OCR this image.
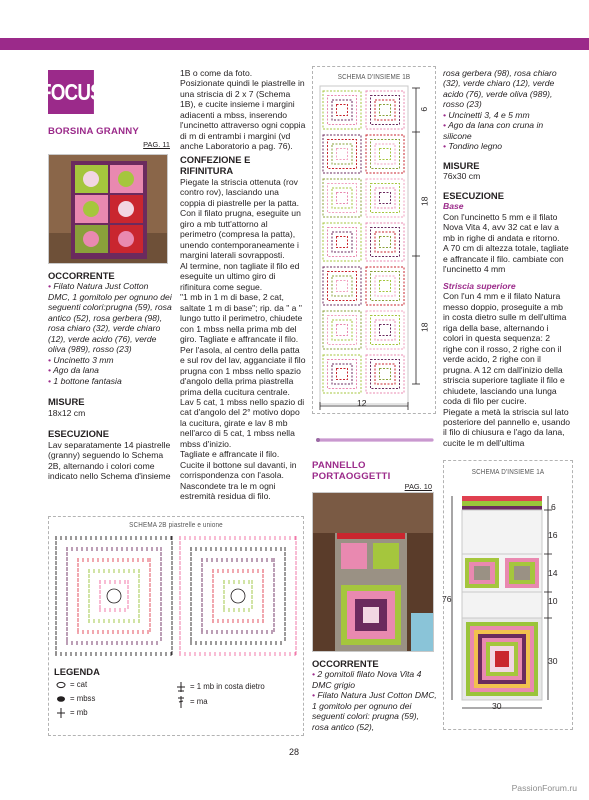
FOCUS
BORSINA GRANNY
PAG. 11
OCCORRENTE

• Filato Natura Just Cotton DMC, 1 gomitolo per ognuno dei seguenti colori:prugna (59), rosa antico (52), rosa gerbera (98), rosa chiaro (32), verde chiaro (12), verde acido (76), verde oliva (989), rosso (23)

• Uncinetto 3 mm

• Ago da lana

• 1 bottone fantasia

MISURE

18x12 cm

ESECUZIONE

Lav separatamente 14 piastrelle (granny) seguendo lo Schema 2B, alternando i colori come indicato nello Schema d'insieme

1B o come da foto.
Posizionate quindi le piastrelle in una striscia di 2 x 7 (Schema 1B), e cucite insieme i margini adiacenti a mbss, inserendo l'uncinetto attraverso ogni coppia di m di entrambi i margini (vd anche Laboratorio a pag. 76).

CONFEZIONE E RIFINITURA

Piegate la striscia ottenuta (rov contro rov), lasciando una coppia di piastrelle per la patta. Con il filato prugna, eseguite un giro a mb tutt'attorno al perimetro (compresa la patta), unendo contemporaneamente i margini laterali sovrapposti.

Al termine, non tagliate il filo ed eseguite un ultimo giro di rifinitura come segue.

"1 mb in 1 m di base, 2 cat, saltate 1 m di base"; rip. da " a " lungo tutto il perimetro, chiudete con 1 mbss nella prima mb del giro. Tagliate e affrancate il filo.

Per l'asola, al centro della patta e sul rov del lav, agganciate il filo prugna con 1 mbss nello spazio d'angolo della prima piastrella prima della cucitura centrale.

Lav 5 cat, 1 mbss nello spazio di cat d'angolo del 2° motivo dopo la cucitura, girate e lav 8 mb nell'arco di 5 cat, 1 mbss nella mbss d'inizio.

Tagliate e affrancate il filo.

Cucite il bottone sul davanti, in corrispondenza con l'asola.

Nascondete tra le m ogni estremità residua di filo.

SCHEMA D'INSIEME 1B
6
18
18
12

rosa gerbera (98), rosa chiaro (32), verde chiaro (12), verde acido (76), verde oliva (989), rosso (23)

• Uncinetti 3, 4 e 5 mm

• Ago da lana con cruna in silicone

• Tondino legno

MISURE

76x30 cm

ESECUZIONE
Base

Con l'uncinetto 5 mm e il filato Nova Vita 4, avv 32 cat e lav a mb in righe di andata e ritorno.
A 70 cm di altezza totale, tagliate e affrancate il filo. cambiate con l'uncinetto 4 mm

Striscia superiore

Con l'un 4 mm e il filato Natura messo doppio, proseguite a mb in costa dietro sulle m dell'ultima riga della base, alternando i colori in questa sequenza: 2 righe con il rosso, 2 righe con il verde acido, 2 righe con il prugna. A 12 cm dall'inizio della striscia superiore tagliate il filo e chiudete, lasciando una lunga coda di filo per cucire.
Piegate a metà la striscia sul lato posteriore del pannello e, usando il filo di chiusura e l'ago da lana, cucite le m dell'ultima

PANNELLO
PORTAOGGETTI
PAG. 10
OCCORRENTE

• 2 gomitoli filato Nova Vita 4 DMC grigio

• Filato Natura Just Cotton DMC, 1 gomitolo per ognuno dei seguenti colori: prugna (59), rosa antico (52),

SCHEMA D'INSIEME 1A
6
16
14
10
30
76
30
SCHEMA 2B piastrelle e unione
LEGENDA
= cat
= mbss
= mb
= 1 mb in costa dietro
= ma
28
PassionForum.ru
